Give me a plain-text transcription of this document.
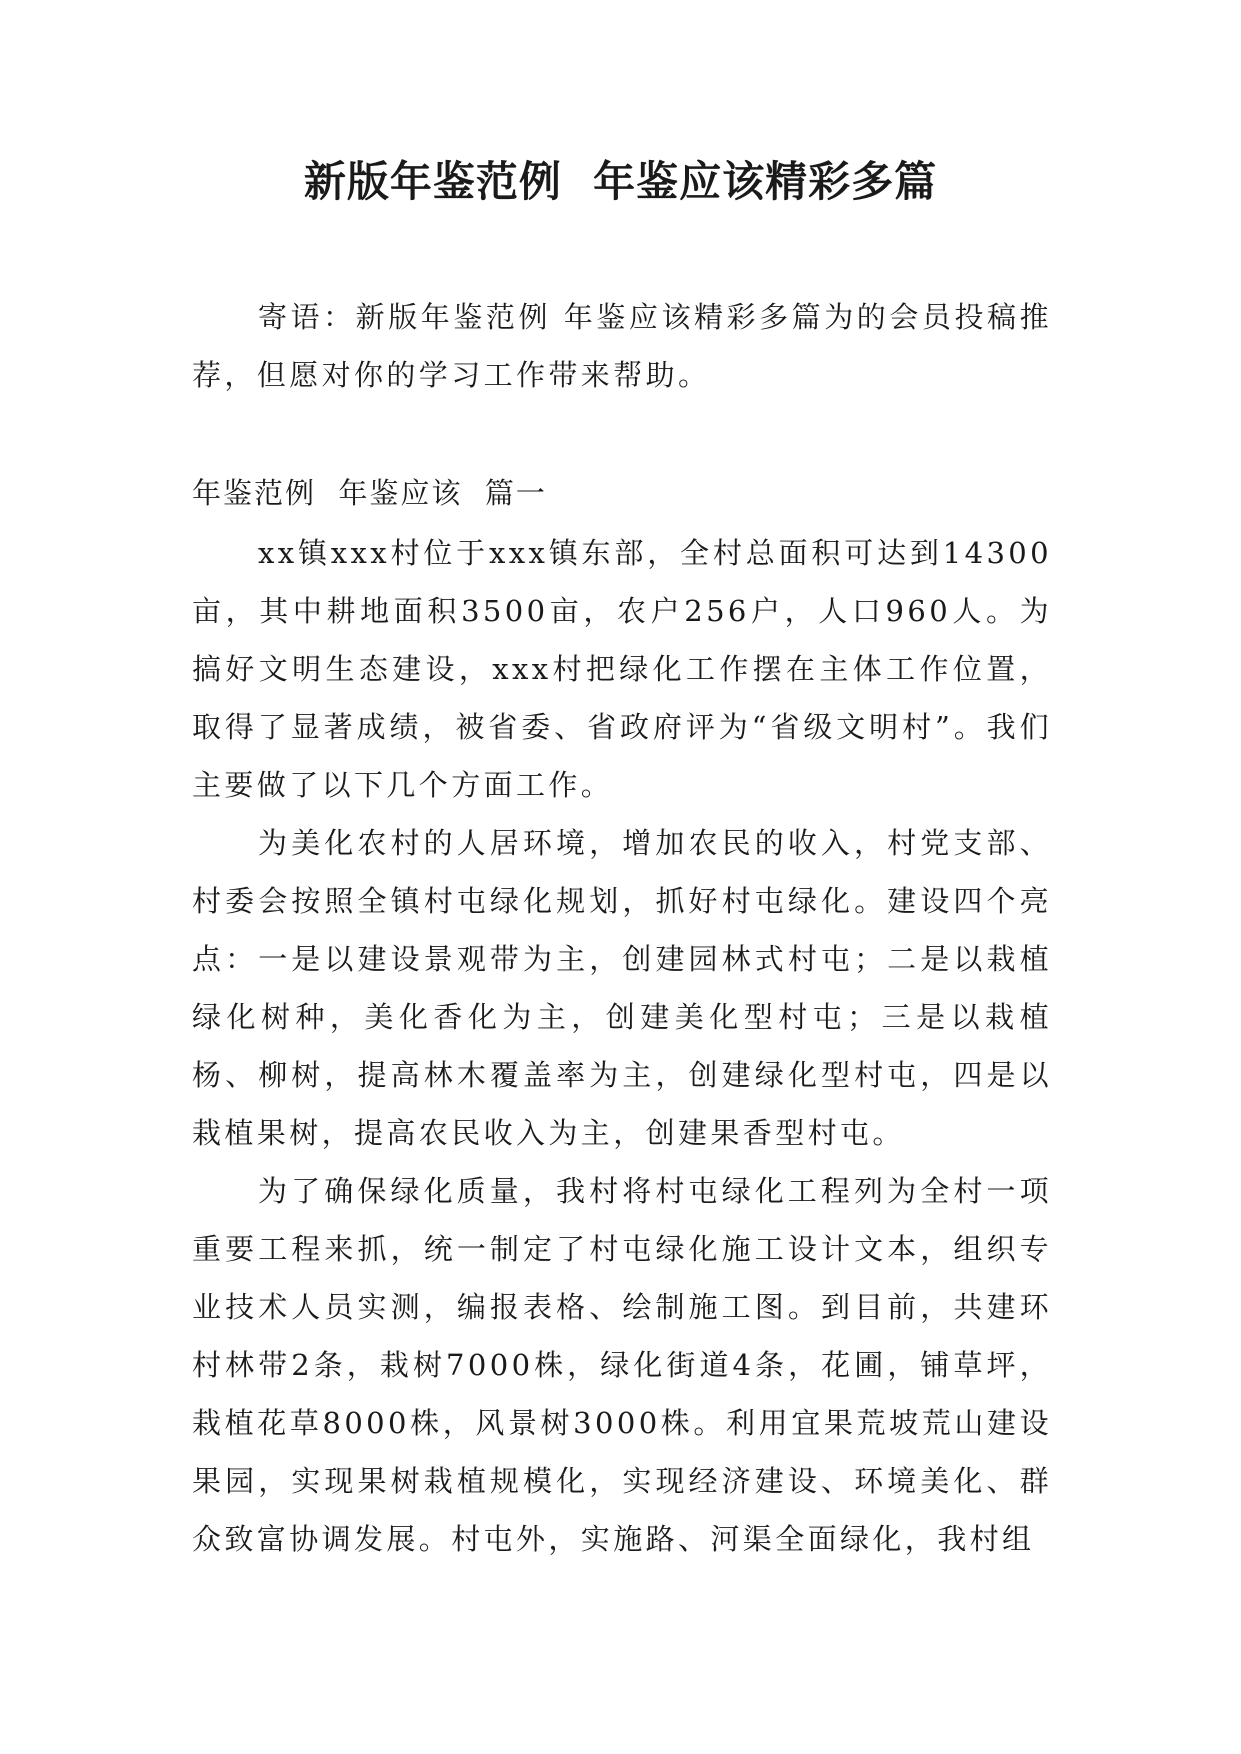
新版年鉴范例  年鉴应该精彩多篇

寄语：新版年鉴范例 年鉴应该精彩多篇为的会员投稿推荐，但愿对你的学习工作带来帮助。

年鉴范例  年鉴应该  篇一

xx镇xxx村位于xxx镇东部，全村总面积可达到14300亩，其中耕地面积3500亩，农户256户，人口960人。为搞好文明生态建设，xxx村把绿化工作摆在主体工作位置，取得了显著成绩，被省委、省政府评为“省级文明村”。我们主要做了以下几个方面工作。

为美化农村的人居环境，增加农民的收入，村党支部、村委会按照全镇村屯绿化规划，抓好村屯绿化。建设四个亮点：一是以建设景观带为主，创建园林式村屯；二是以栽植绿化树种，美化香化为主，创建美化型村屯；三是以栽植杨、柳树，提高林木覆盖率为主，创建绿化型村屯，四是以栽植果树，提高农民收入为主，创建果香型村屯。

为了确保绿化质量，我村将村屯绿化工程列为全村一项重要工程来抓，统一制定了村屯绿化施工设计文本，组织专业技术人员实测，编报表格、绘制施工图。到目前，共建环村林带2条，栽树7000株，绿化街道4条，花圃，铺草坪，栽植花草8000株，风景树3000株。利用宜果荒坡荒山建设果园，实现果树栽植规模化，实现经济建设、环境美化、群众致富协调发展。村屯外，实施路、河渠全面绿化，我村组
